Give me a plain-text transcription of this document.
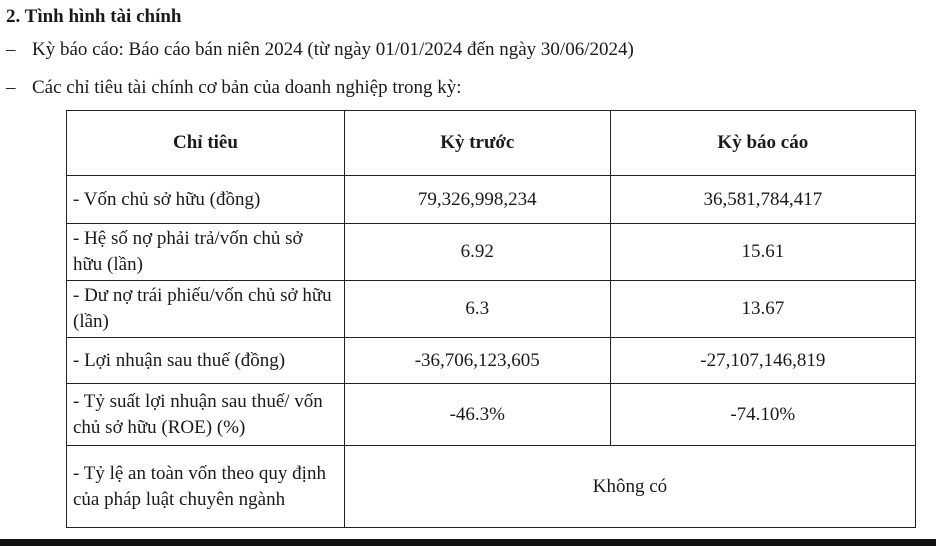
2. Tình hình tài chính
– Kỳ báo cáo: Báo cáo bán niên 2024 (từ ngày 01/01/2024 đến ngày 30/06/2024)
– Các chỉ tiêu tài chính cơ bản của doanh nghiệp trong kỳ:
Chỉ tiêu	Kỳ trước	Kỳ báo cáo
- Vốn chủ sở hữu (đồng)	79,326,998,234	36,581,784,417
- Hệ số nợ phải trả/vốn chủ sở hữu (lần)	6.92	15.61
- Dư nợ trái phiếu/vốn chủ sở hữu (lần)	6.3	13.67
- Lợi nhuận sau thuế (đồng)	-36,706,123,605	-27,107,146,819
- Tỷ suất lợi nhuận sau thuế/ vốn chủ sở hữu (ROE) (%)	-46.3%	-74.10%
- Tỷ lệ an toàn vốn theo quy định của pháp luật chuyên ngành	Không có	
